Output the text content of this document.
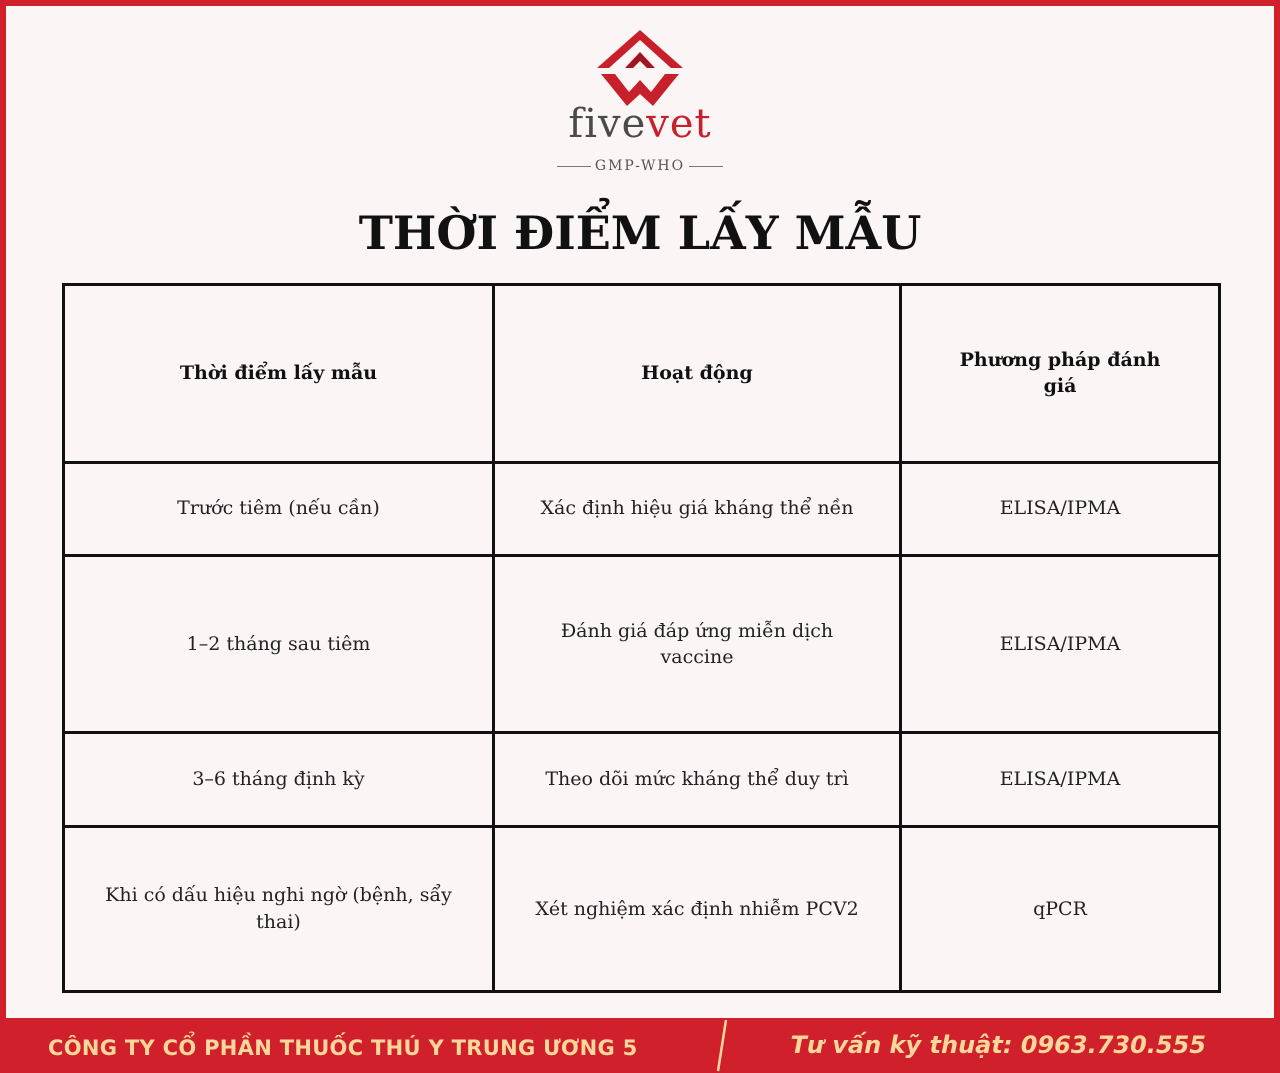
fivevet
GMP-WHO
THỜI ĐIỂM LẤY MẪU
Thời điểm lấy mẫu	Hoạt động	Phương pháp đánh giá
Trước tiêm (nếu cần)	Xác định hiệu giá kháng thể nền	ELISA/IPMA
1–2 tháng sau tiêm	Đánh giá đáp ứng miễn dịch vaccine	ELISA/IPMA
3–6 tháng định kỳ	Theo dõi mức kháng thể duy trì	ELISA/IPMA
Khi có dấu hiệu nghi ngờ (bệnh, sẩy thai)	Xét nghiệm xác định nhiễm PCV2	qPCR
CÔNG TY CỔ PHẦN THUỐC THÚ Y TRUNG ƯƠNG 5	Tư vấn kỹ thuật: 0963.730.555
